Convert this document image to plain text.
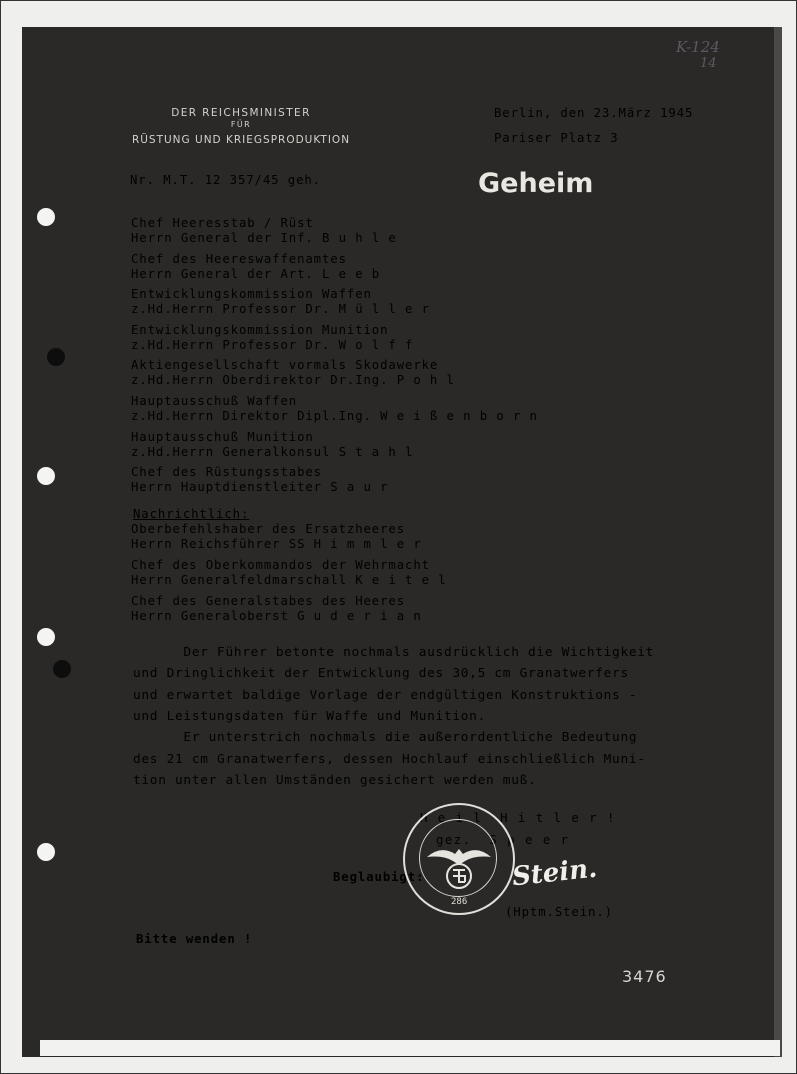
K-124
14
DER REICHSMINISTER
FÜR
RÜSTUNG UND KRIEGSPRODUKTION
Berlin, den 23.März 1945
Pariser Platz 3
Nr. M.T. 12 357/45 geh.	Geheim
Chef Heeresstab / Rüst
Herrn General der Inf. B u h l e
Chef des Heereswaffenamtes
Herrn General der Art. L e e b
Entwicklungskommission Waffen
z.Hd.Herrn Professor Dr. M ü l l e r
Entwicklungskommission Munition
z.Hd.Herrn Professor Dr. W o l f f
Aktiengesellschaft vormals Skodawerke
z.Hd.Herrn Oberdirektor Dr.Ing. P o h l
Hauptausschuß Waffen
z.Hd.Herrn Direktor Dipl.Ing. W e i ß e n b o r n
Hauptausschuß Munition
z.Hd.Herrn Generalkonsul S t a h l
Chef des Rüstungsstabes
Herrn Hauptdienstleiter S a u r
Nachrichtlich:
Oberbefehlshaber des Ersatzheeres
Herrn Reichsführer SS H i m m l e r
Chef des Oberkommandos der Wehrmacht
Herrn Generalfeldmarschall K e i t e l
Chef des Generalstabes des Heeres
Herrn Generaloberst G u d e r i a n
Der Führer betonte nochmals ausdrücklich die Wichtigkeit
und Dringlichkeit der Entwicklung des 30,5 cm Granatwerfers
und erwartet baldige Vorlage der endgültigen Konstruktions -
und Leistungsdaten für Waffe und Munition.
Er unterstrich nochmals die außerordentliche Bedeutung
des 21 cm Granatwerfers, dessen Hochlauf einschließlich Muni-
tion unter allen Umständen gesichert werden muß.
H e i l  H i t l e r !
gez.  S p e e r
Beglaubigt:
286
Stein.
(Hptm.Stein.)
Bitte wenden !
3476
